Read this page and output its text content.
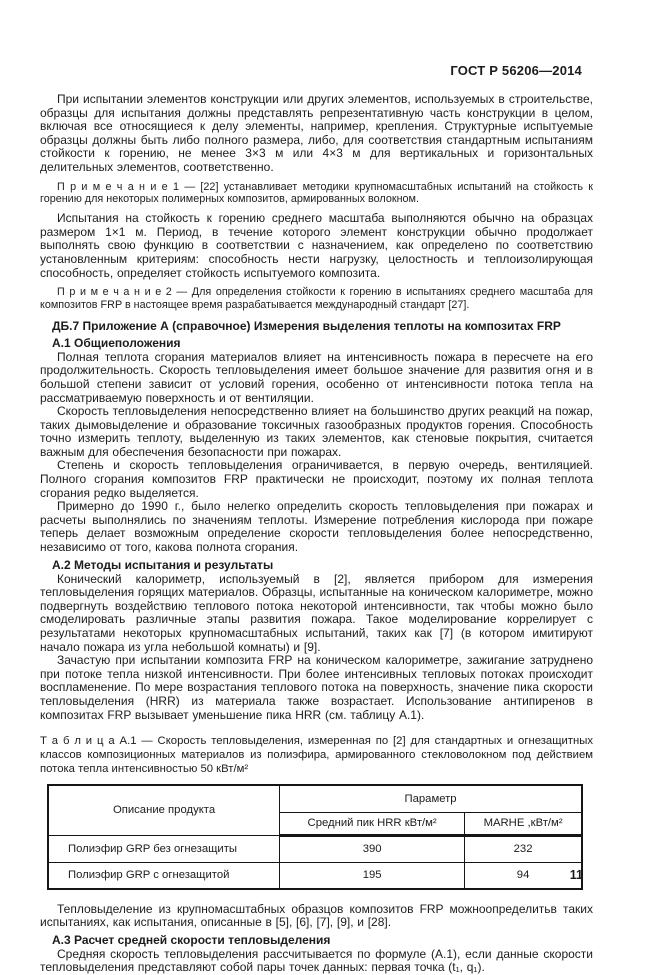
ГОСТ Р 56206—2014
При испытании элементов конструкции или других элементов, используемых в строительстве, образцы для испытания должны представлять репрезентативную часть конструкции в целом, включая все относящиеся к делу элементы, например, крепления. Структурные испытуемые образцы должны быть либо полного размера, либо, для соответствия стандартным испытаниям стойкости к горению, не менее 3×3 м или 4×3 м для вертикальных и горизонтальных делительных элементов, соответственно.
П р и м е ч а н и е 1 — [22] устанавливает методики крупномасштабных испытаний на стойкость к горению для некоторых полимерных композитов, армированных волокном.
Испытания на стойкость к горению среднего масштаба выполняются обычно на образцах размером 1×1 м. Период, в течение которого элемент конструкции обычно продолжает выполнять свою функцию в соответствии с назначением, как определено по соответствию установленным критериям: способность нести нагрузку, целостность и теплоизолирующая способность, определяет стойкость испытуемого композита.
П р и м е ч а н и е 2 — Для определения стойкости к горению в испытаниях среднего масштаба для композитов FRP в настоящее время разрабатывается международный стандарт [27].
ДБ.7 Приложение А (справочное) Измерения выделения теплоты на композитах FRP
А.1 Общиеположения
Полная теплота сгорания материалов влияет на интенсивность пожара в пересчете на его продолжительность. Скорость тепловыделения имеет большое значение для развития огня и в большой степени зависит от условий горения, особенно от интенсивности потока тепла на рассматриваемую поверхность и от вентиляции.
Скорость тепловыделения непосредственно влияет на большинство других реакций на пожар, таких дымовыделение и образование токсичных газообразных продуктов горения. Способность точно измерить теплоту, выделенную из таких элементов, как стеновые покрытия, считается важным для обеспечения безопасности при пожарах.
Степень и скорость тепловыделения ограничивается, в первую очередь, вентиляцией. Полного сгорания композитов FRP практически не происходит, поэтому их полная теплота сгорания редко выделяется.
Примерно до 1990 г., было нелегко определить скорость тепловыделения при пожарах и расчеты выполнялись по значениям теплоты. Измерение потребления кислорода при пожаре теперь делает возможным определение скорости тепловыделения более непосредственно, независимо от того, какова полнота сгорания.
А.2 Методы испытания и результаты
Конический калориметр, используемый в [2], является прибором для измерения тепловыделения горящих материалов. Образцы, испытанные на коническом калориметре, можно подвергнуть воздействию теплового потока некоторой интенсивности, так чтобы можно было смоделировать различные этапы развития пожара. Такое моделирование коррелирует с результатами некоторых крупномасштабных испытаний, таких как [7] (в котором имитируют начало пожара из угла небольшой комнаты) и [9].
Зачастую при испытании композита FRP на коническом калориметре, зажигание затруднено при потоке тепла низкой интенсивности. При более интенсивных тепловых потоках происходит воспламенение. По мере возрастания теплового потока на поверхность, значение пика скорости тепловыделения (HRR) из материала также возрастает. Использование антипиренов в композитах FRP вызывает уменьшение пика HRR (см. таблицу А.1).
Т а б л и ц а А.1 — Скорость тепловыделения, измеренная по [2] для стандартных и огнезащитных классов композиционных материалов из полиэфира, армированного стекловолокном под действием потока тепла интенсивностью 50 кВт/м²
Описание продукта	Параметр	
	Средний пик HRR кВт/м²	MARHE ,кВт/м²
Полиэфир GRP без огнезащиты	390	232
Полиэфир GRP с огнезащитой	195	94
Тепловыделение из крупномасштабных образцов композитов FRP можноопределитьв таких испытаниях, как испытания, описанные в [5], [6], [7], [9], и [28].
А.3 Расчет средней скорости тепловыделения
Средняя скорость тепловыделения рассчитывается по формуле (А.1), если данные скорости тепловыделения представляют собой пары точек данных: первая точка (t₁, q₁).
11
